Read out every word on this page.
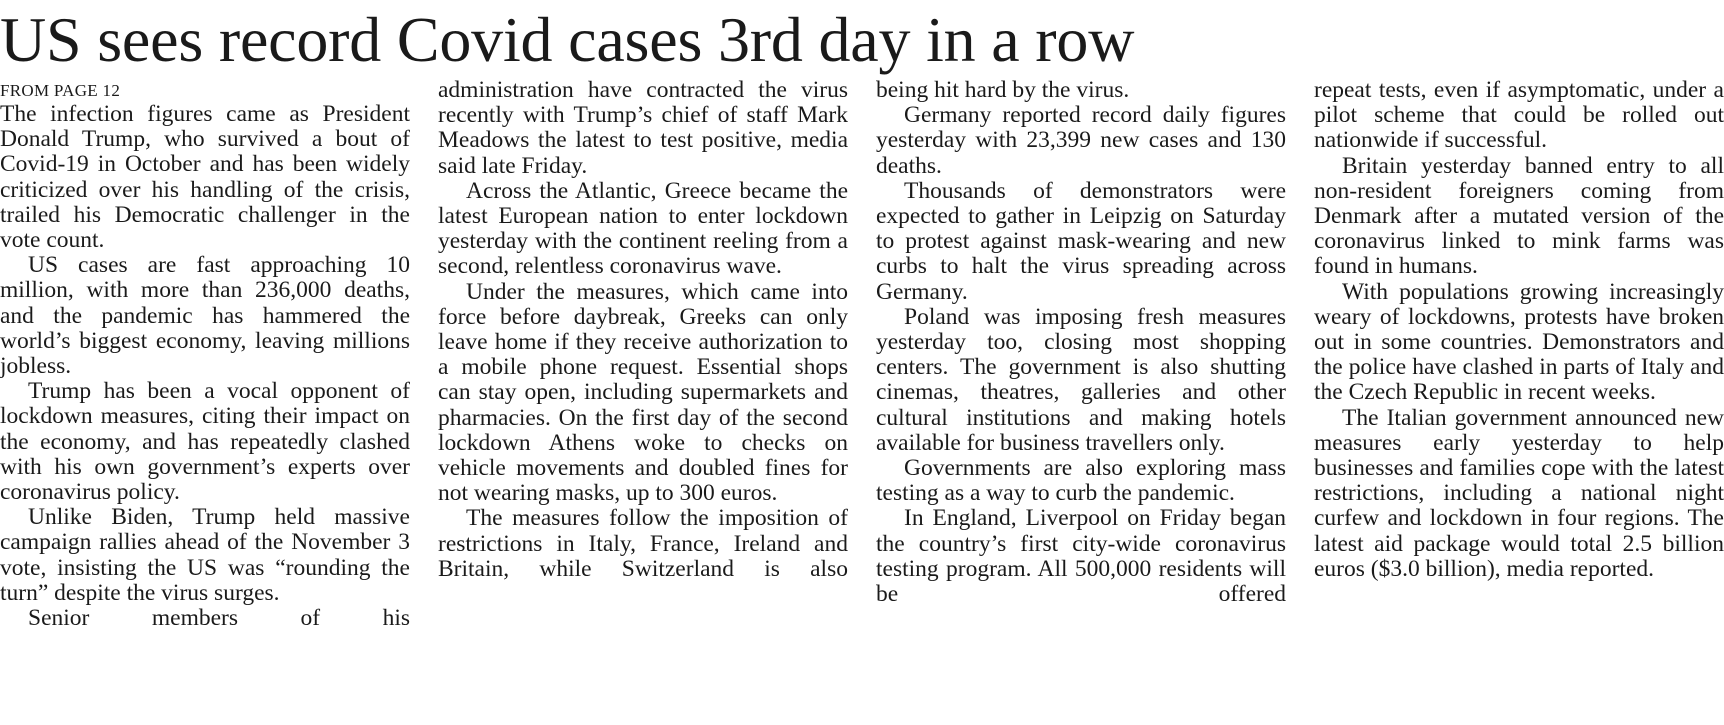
US sees record Covid cases 3rd day in a row
FROM PAGE 12

The infection figures came as President Donald Trump, who survived a bout of Covid-19 in October and has been widely criticized over his handling of the crisis, trailed his Democratic challenger in the vote count.

US cases are fast approaching 10 million, with more than 236,000 deaths, and the pandemic has hammered the world’s biggest economy, leaving millions jobless.

Trump has been a vocal opponent of lockdown measures, citing their impact on the economy, and has repeatedly clashed with his own government’s experts over coronavirus policy.

Unlike Biden, Trump held massive campaign rallies ahead of the November 3 vote, insisting the US was “rounding the turn” despite the virus surges.

Senior members of his

administration have contracted the virus recently with Trump’s chief of staff Mark Meadows the latest to test positive, media said late Friday.

Across the Atlantic, Greece became the latest European nation to enter lockdown yesterday with the continent reeling from a second, relentless coronavirus wave.

Under the measures, which came into force before daybreak, Greeks can only leave home if they receive authorization to a mobile phone request. Essential shops can stay open, including supermarkets and pharmacies. On the first day of the second lockdown Athens woke to checks on vehicle movements and doubled fines for not wearing masks, up to 300 euros.

The measures follow the imposition of restrictions in Italy, France, Ireland and Britain, while Switzerland is also

being hit hard by the virus.

Germany reported record daily figures yesterday with 23,399 new cases and 130 deaths.

Thousands of demonstrators were expected to gather in Leipzig on Saturday to protest against mask-wearing and new curbs to halt the virus spreading across Germany.

Poland was imposing fresh measures yesterday too, closing most shopping centers. The government is also shutting cinemas, theatres, galleries and other cultural institutions and making hotels available for business travellers only.

Governments are also exploring mass testing as a way to curb the pandemic.

In England, Liverpool on Friday began the country’s first city-wide coronavirus testing program. All 500,000 residents will be offered

repeat tests, even if asymptomatic, under a pilot scheme that could be rolled out nationwide if successful.

Britain yesterday banned entry to all non-resident foreigners coming from Denmark after a mutated version of the coronavirus linked to mink farms was found in humans.

With populations growing increasingly weary of lockdowns, protests have broken out in some countries. Demonstrators and the police have clashed in parts of Italy and the Czech Republic in recent weeks.

The Italian government announced new measures early yesterday to help businesses and families cope with the latest restrictions, including a national night curfew and lockdown in four regions. The latest aid package would total 2.5 billion euros ($3.0 billion), media reported.
